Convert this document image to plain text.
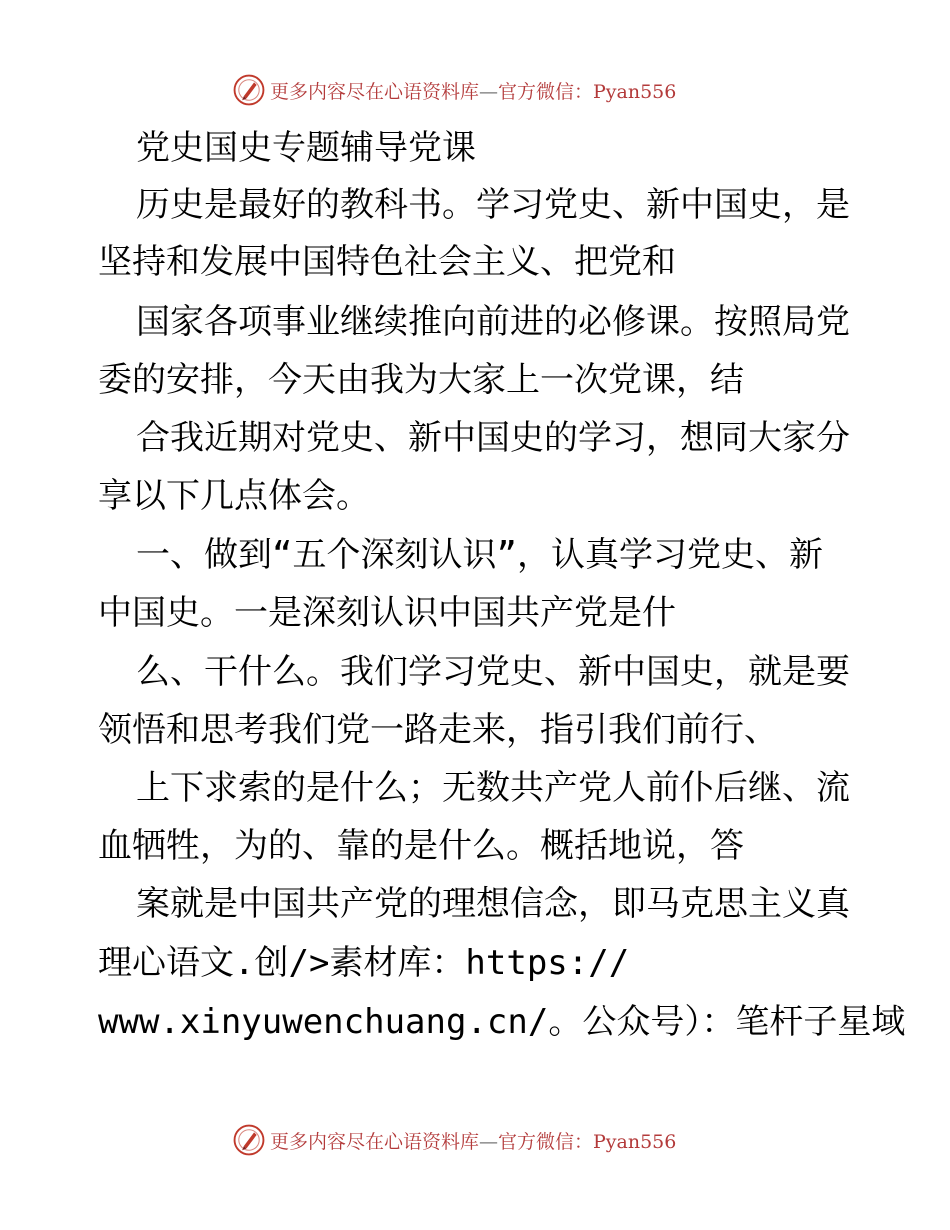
更多内容尽在心语资料库—官方微信：Pyan556
党史国史专题辅导党课
历史是最好的教科书。学习党史、新中国史，是
坚持和发展中国特色社会主义、把党和
国家各项事业继续推向前进的必修课。按照局党
委的安排，今天由我为大家上一次党课，结
合我近期对党史、新中国史的学习，想同大家分
享以下几点体会。
一、做到“五个深刻认识”，认真学习党史、新
中国史。一是深刻认识中国共产党是什
么、干什么。我们学习党史、新中国史，就是要
领悟和思考我们党一路走来，指引我们前行、
上下求索的是什么；无数共产党人前仆后继、流
血牺牲，为的、靠的是什么。概括地说，答
案就是中国共产党的理想信念，即马克思主义真
理心语文.创/>素材库：https://
www.xinyuwenchuang.cn/。公众号）：笔杆子星域
更多内容尽在心语资料库—官方微信：Pyan556
